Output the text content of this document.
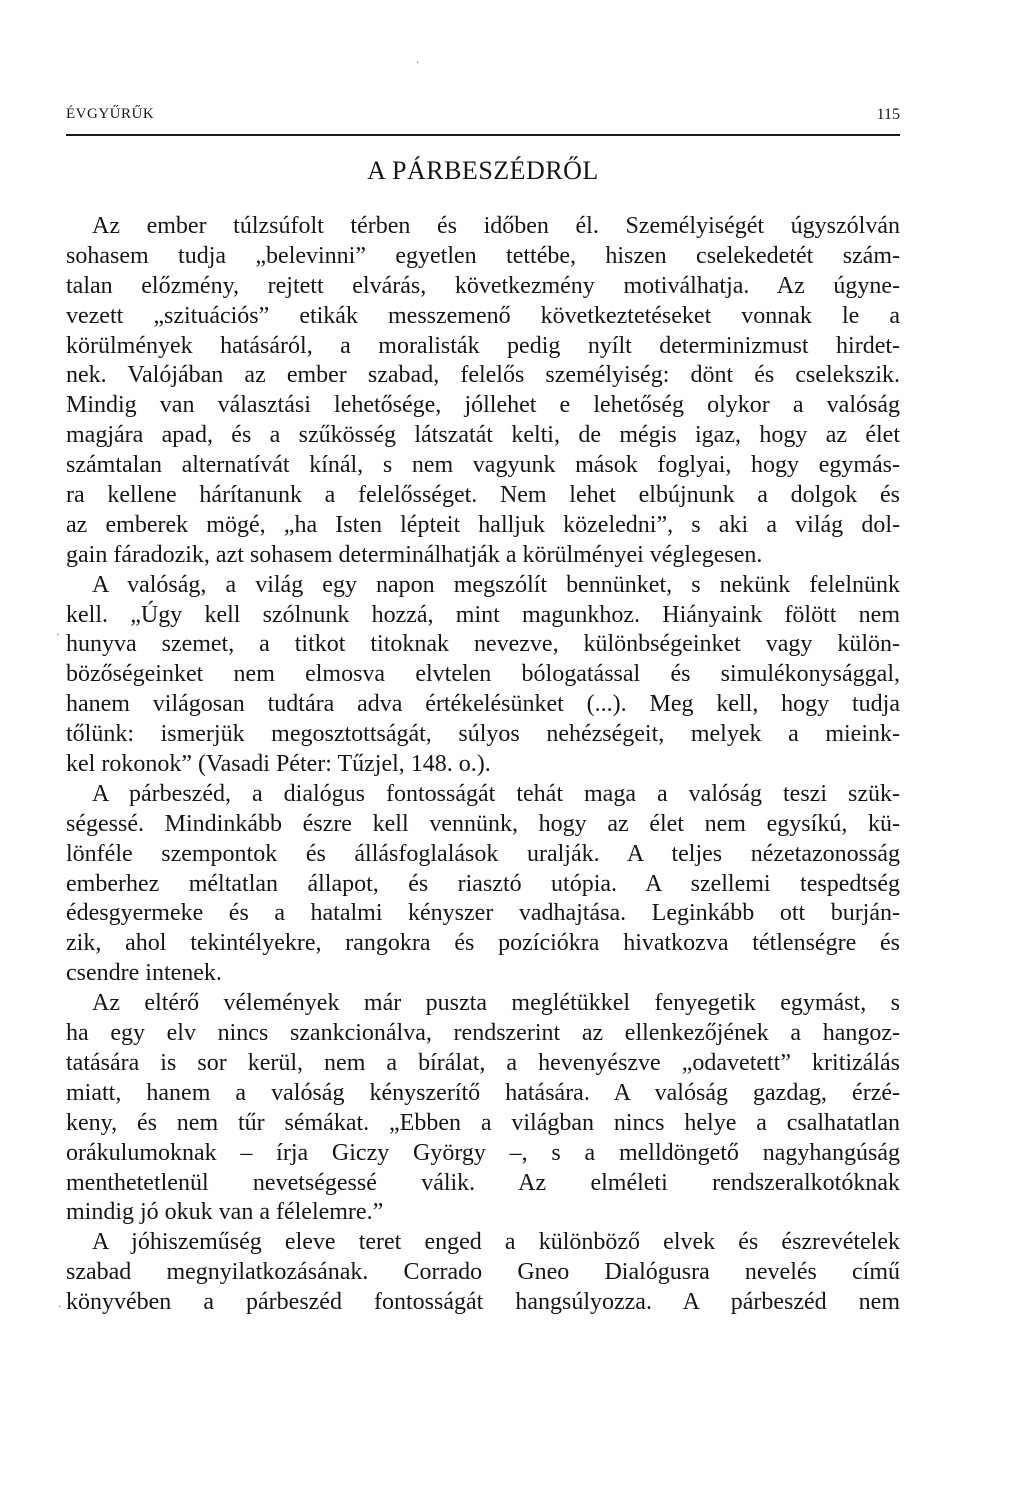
ÉVGYŰRŰK	115
A PÁRBESZÉDRŐL
Az ember túlzsúfolt térben és időben él. Személyiségét úgyszólván
sohasem tudja „belevinni” egyetlen tettébe, hiszen cselekedetét szám-
talan előzmény, rejtett elvárás, következmény motiválhatja. Az úgyne-
vezett „szituációs” etikák messzemenő következtetéseket vonnak le a
körülmények hatásáról, a moralisták pedig nyílt determinizmust hirdet-
nek. Valójában az ember szabad, felelős személyiség: dönt és cselekszik.
Mindig van választási lehetősége, jóllehet e lehetőség olykor a valóság
magjára apad, és a szűkösség látszatát kelti, de mégis igaz, hogy az élet
számtalan alternatívát kínál, s nem vagyunk mások foglyai, hogy egymás-
ra kellene hárítanunk a felelősséget. Nem lehet elbújnunk a dolgok és
az emberek mögé, „ha Isten lépteit halljuk közeledni”, s aki a világ dol-
gain fáradozik, azt sohasem determinálhatják a körülményei véglegesen.
A valóság, a világ egy napon megszólít bennünket, s nekünk felelnünk
kell. „Úgy kell szólnunk hozzá, mint magunkhoz. Hiányaink fölött nem
hunyva szemet, a titkot titoknak nevezve, különbségeinket vagy külön-
bözőségeinket nem elmosva elvtelen bólogatással és simulékonysággal,
hanem világosan tudtára adva értékelésünket (...). Meg kell, hogy tudja
tőlünk: ismerjük megosztottságát, súlyos nehézségeit, melyek a mieink-
kel rokonok” (Vasadi Péter: Tűzjel, 148. o.).
A párbeszéd, a dialógus fontosságát tehát maga a valóság teszi szük-
ségessé. Mindinkább észre kell vennünk, hogy az élet nem egysíkú, kü-
lönféle szempontok és állásfoglalások uralják. A teljes nézetazonosság
emberhez méltatlan állapot, és riasztó utópia. A szellemi tespedtség
édesgyermeke és a hatalmi kényszer vadhajtása. Leginkább ott burján-
zik, ahol tekintélyekre, rangokra és pozíciókra hivatkozva tétlenségre és
csendre intenek.
Az eltérő vélemények már puszta meglétükkel fenyegetik egymást, s
ha egy elv nincs szankcionálva, rendszerint az ellenkezőjének a hangoz-
tatására is sor kerül, nem a bírálat, a hevenyészve „odavetett” kritizálás
miatt, hanem a valóság kényszerítő hatására. A valóság gazdag, érzé-
keny, és nem tűr sémákat. „Ebben a világban nincs helye a csalhatatlan
orákulumoknak – írja Giczy György –, s a melldöngető nagyhangúság
menthetetlenül nevetségessé válik. Az elméleti rendszeralkotóknak
mindig jó okuk van a félelemre.”
A jóhiszeműség eleve teret enged a különböző elvek és észrevételek
szabad megnyilatkozásának. Corrado Gneo Dialógusra nevelés című
könyvében a párbeszéd fontosságát hangsúlyozza. A párbeszéd nem
·
·
·
